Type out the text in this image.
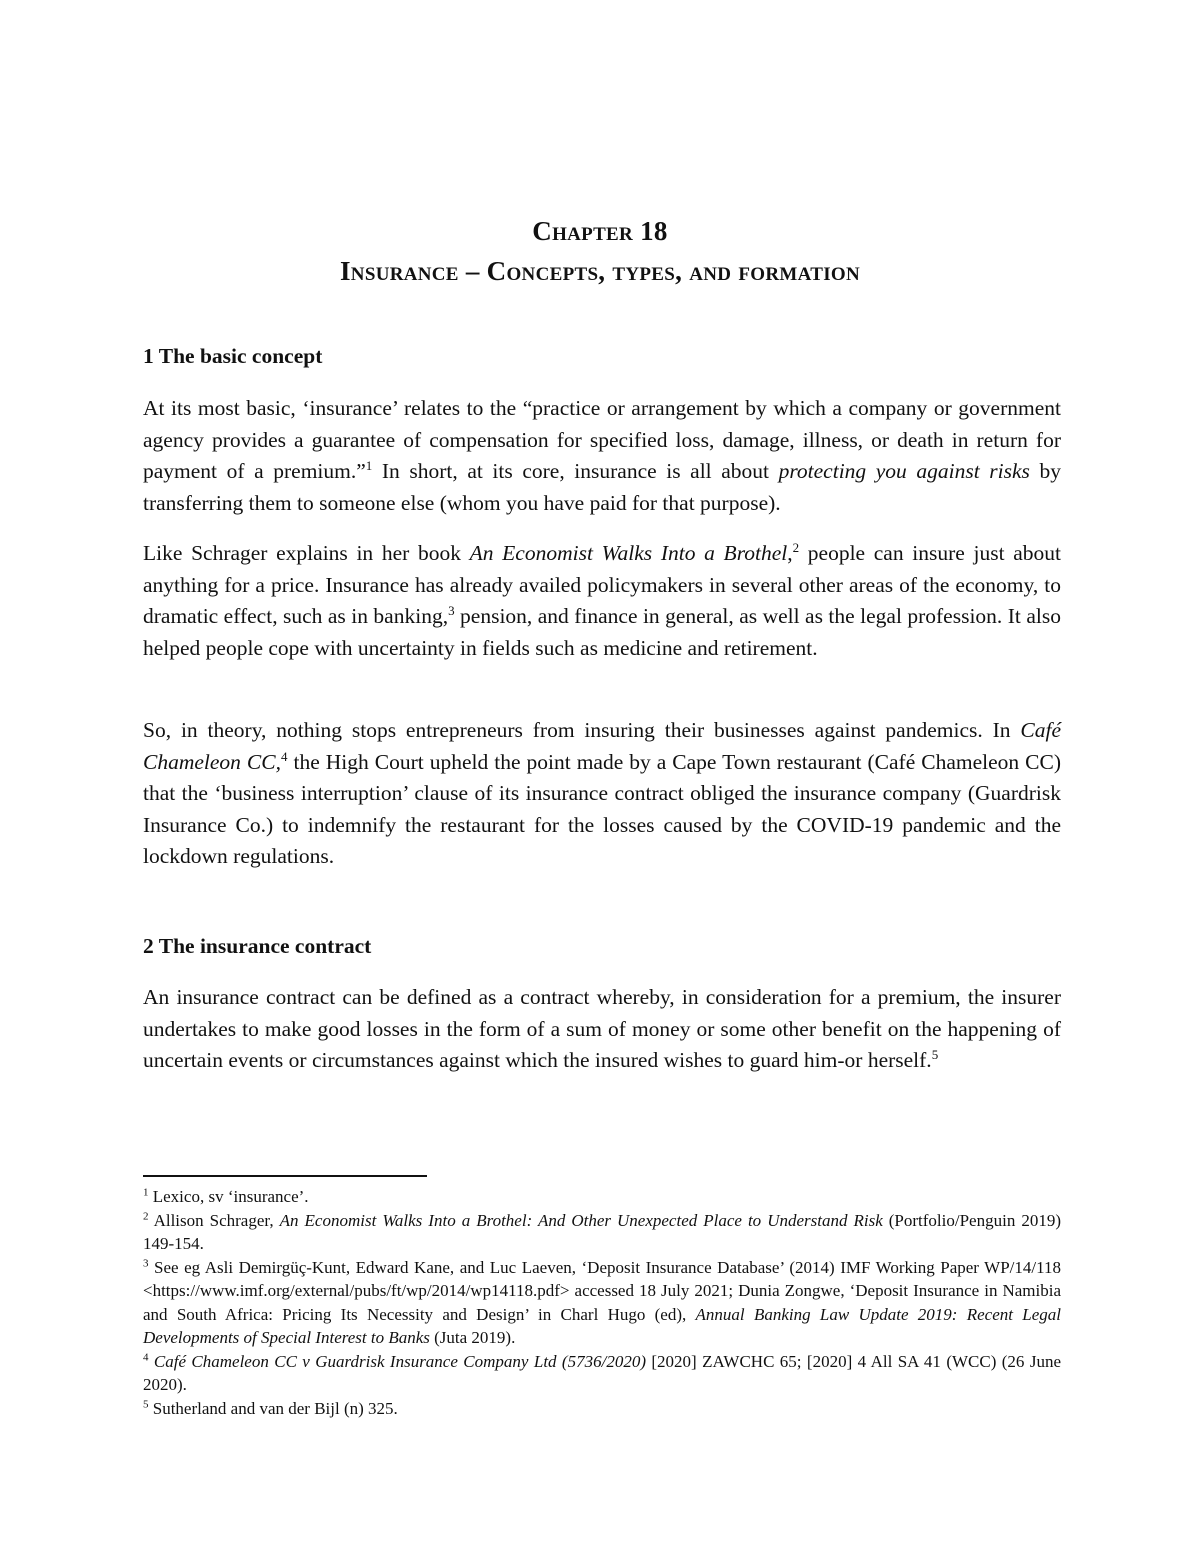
Chapter 18
Insurance – Concepts, types, and formation
1 The basic concept

At its most basic, ‘insurance’ relates to the “practice or arrangement by which a company or government agency provides a guarantee of compensation for specified loss, damage, illness, or death in return for payment of a premium.”$^1$ In short, at its core, insurance is all about protecting you against risks by transferring them to someone else (whom you have paid for that purpose).

Like Schrager explains in her book An Economist Walks Into a Brothel,$^2$ people can insure just about anything for a price. Insurance has already availed policymakers in several other areas of the economy, to dramatic effect, such as in banking,$^3$ pension, and finance in general, as well as the legal profession. It also helped people cope with uncertainty in fields such as medicine and retirement.

So, in theory, nothing stops entrepreneurs from insuring their businesses against pandemics. In Café Chameleon CC,$^4$ the High Court upheld the point made by a Cape Town restaurant (Café Chameleon CC) that the ‘business interruption’ clause of its insurance contract obliged the insurance company (Guardrisk Insurance Co.) to indemnify the restaurant for the losses caused by the COVID-19 pandemic and the lockdown regulations.

2 The insurance contract

An insurance contract can be defined as a contract whereby, in consideration for a premium, the insurer undertakes to make good losses in the form of a sum of money or some other benefit on the happening of uncertain events or circumstances against which the insured wishes to guard him-or herself.$^5$

$^1$ Lexico, sv ‘insurance’.

$^2$ Allison Schrager, An Economist Walks Into a Brothel: And Other Unexpected Place to Understand Risk (Portfolio/Penguin 2019) 149-154.

$^3$ See eg Asli Demirgüç-Kunt, Edward Kane, and Luc Laeven, ‘Deposit Insurance Database’ (2014) IMF Working Paper WP/14/118 <https://www.imf.org/external/pubs/ft/wp/2014/wp14118.pdf> accessed 18 July 2021; Dunia Zongwe, ‘Deposit Insurance in Namibia and South Africa: Pricing Its Necessity and Design’ in Charl Hugo (ed), Annual Banking Law Update 2019: Recent Legal Developments of Special Interest to Banks (Juta 2019).

$^4$ Café Chameleon CC v Guardrisk Insurance Company Ltd (5736/2020) [2020] ZAWCHC 65; [2020] 4 All SA 41 (WCC) (26 June 2020).

$^5$ Sutherland and van der Bijl (n) 325.
